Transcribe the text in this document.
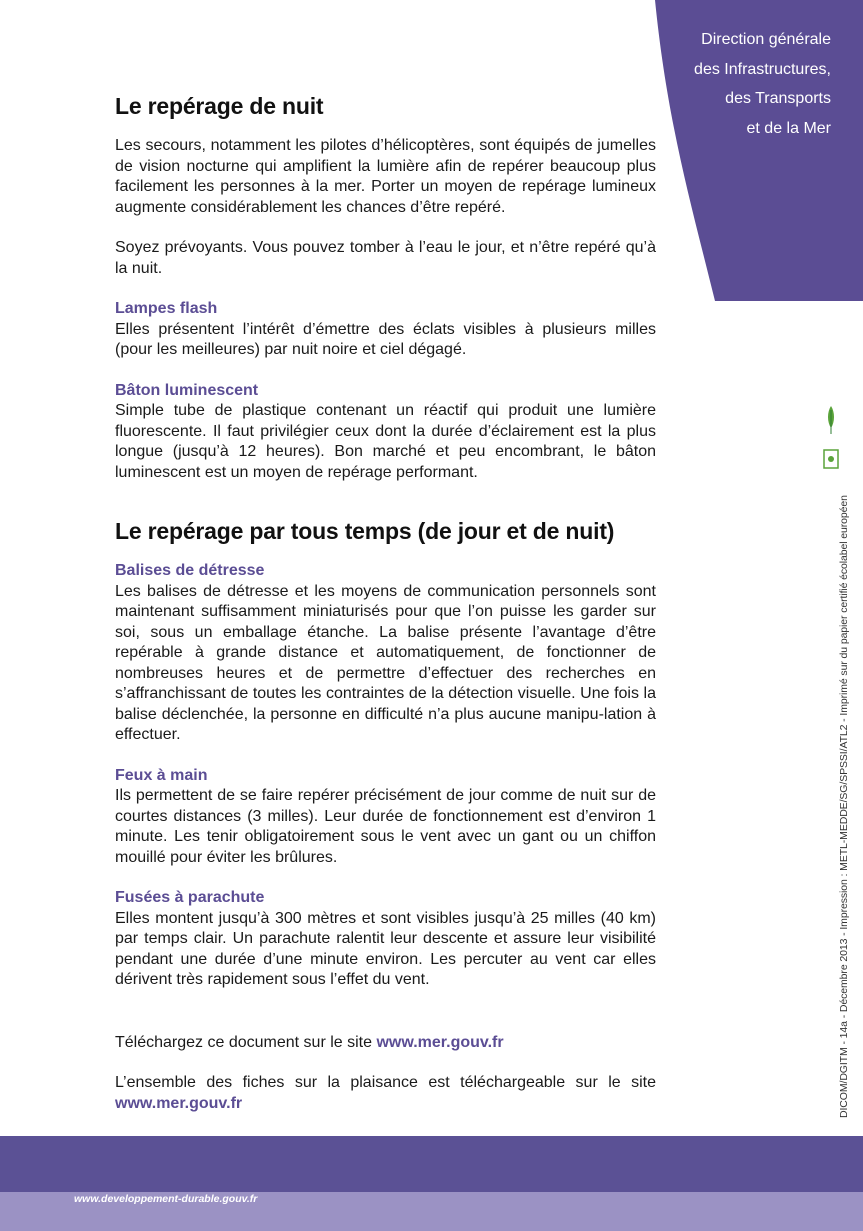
Direction générale
des Infrastructures,
des Transports
et de la Mer
Le repérage de nuit

Les secours, notamment les pilotes d’hélicoptères, sont équipés de jumelles de vision nocturne qui amplifient la lumière afin de repérer beaucoup plus facilement les personnes à la mer. Porter un moyen de repérage lumineux augmente considérablement les chances d’être repéré.

Soyez prévoyants. Vous pouvez tomber à l’eau le jour, et n’être repéré qu’à la nuit.

Lampes flash

Elles présentent l’intérêt d’émettre des éclats visibles à plusieurs milles (pour les meilleures) par nuit noire et ciel dégagé.

Bâton luminescent

Simple tube de plastique contenant un réactif qui produit une lumière fluorescente. Il faut privilégier ceux dont la durée d’éclairement est la plus longue (jusqu’à 12 heures). Bon marché et peu encombrant, le bâton luminescent est un moyen de repérage performant.

Le repérage par tous temps (de jour et de nuit)
Balises de détresse

Les balises de détresse et les moyens de communication personnels sont maintenant suffisamment miniaturisés pour que l’on puisse les garder sur soi, sous un emballage étanche. La balise présente l’avantage d’être repérable à grande distance et automatiquement, de fonctionner de nombreuses heures et de permettre d’effectuer des recherches en s’affranchissant de toutes les contraintes de la détection visuelle. Une fois la balise déclenchée, la personne en difficulté n’a plus aucune manipu-lation à effectuer.

Feux à main

Ils permettent de se faire repérer précisément de jour comme de nuit sur de courtes distances (3 milles). Leur durée de fonctionnement est d’environ 1 minute. Les tenir obligatoirement sous le vent avec un gant ou un chiffon mouillé pour éviter les brûlures.

Fusées à parachute

Elles montent jusqu’à 300 mètres et sont visibles jusqu’à 25 milles (40 km) par temps clair. Un parachute ralentit leur descente et assure leur visibilité pendant une durée d’une minute environ. Les percuter au vent car elles dérivent très rapidement sous l’effet du vent.

Téléchargez ce document sur le site www.mer.gouv.fr

L’ensemble des fiches sur la plaisance est téléchargeable sur le site www.mer.gouv.fr	DICOM/DGITM - 14a - Décembre 2013 - Impression : METL-MEDDE/SG/SPSSI/ATL2 - Imprimé sur du papier certifié écolabel européen
www.developpement-durable.gouv.fr
